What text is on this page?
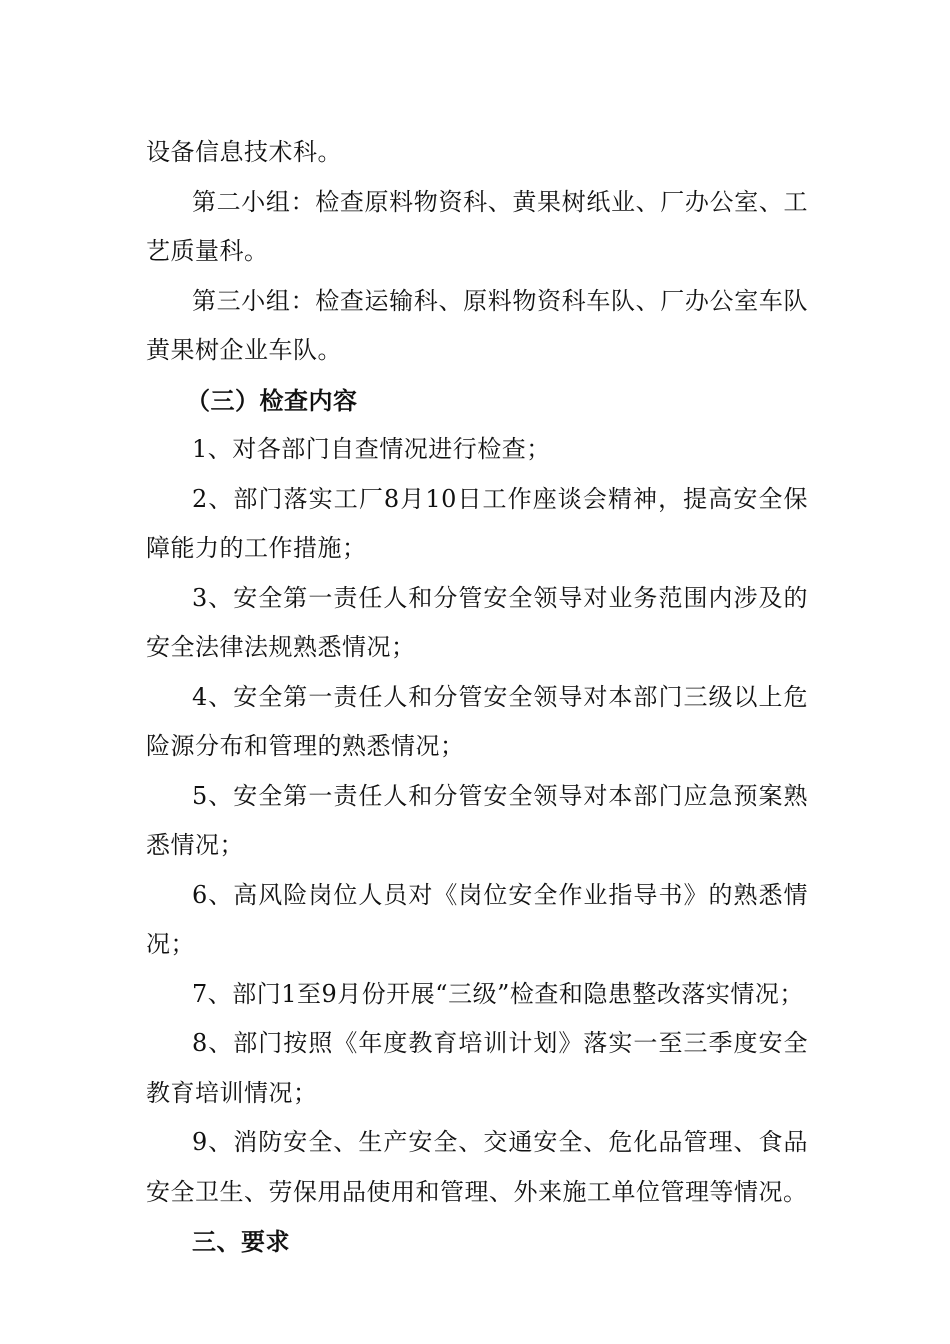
设备信息技术科。

第二小组：检查原料物资科、黄果树纸业、厂办公室、工艺质量科。

第三小组：检查运输科、原料物资科车队、厂办公室车队黄果树企业车队。

（三）检查内容

1、对各部门自查情况进行检查；

2、部门落实工厂8月10日工作座谈会精神，提高安全保障能力的工作措施；

3、安全第一责任人和分管安全领导对业务范围内涉及的安全法律法规熟悉情况；

4、安全第一责任人和分管安全领导对本部门三级以上危险源分布和管理的熟悉情况；

5、安全第一责任人和分管安全领导对本部门应急预案熟悉情况；

6、高风险岗位人员对《岗位安全作业指导书》的熟悉情况；

7、部门1至9月份开展“三级”检查和隐患整改落实情况；

8、部门按照《年度教育培训计划》落实一至三季度安全教育培训情况；

9、消防安全、生产安全、交通安全、危化品管理、食品安全卫生、劳保用品使用和管理、外来施工单位管理等情况。

三、要求
